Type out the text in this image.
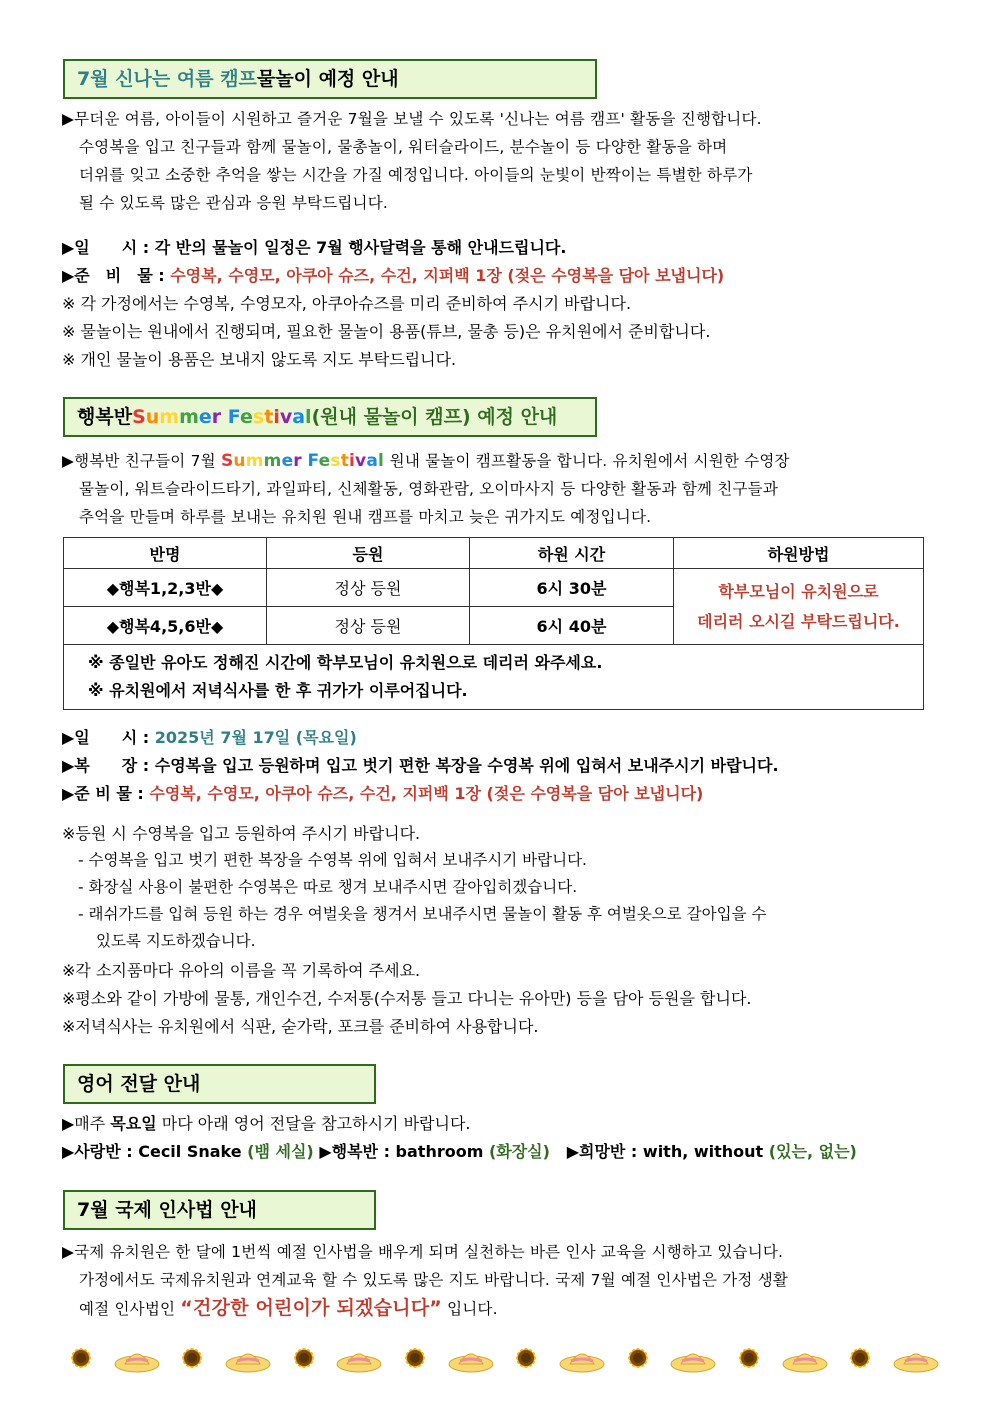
7월 신나는 여름 캠프 물놀이 예정 안내
▶무더운 여름, 아이들이 시원하고 즐거운 7월을 보낼 수 있도록 '신나는 여름 캠프' 활동을 진행합니다.

수영복을 입고 친구들과 함께 물놀이, 물총놀이, 워터슬라이드, 분수놀이 등 다양한 활동을 하며
더위를 잊고 소중한 추억을 쌓는 시간을 가질 예정입니다. 아이들의 눈빛이 반짝이는 특별한 하루가
될 수 있도록 많은 관심과 응원 부탁드립니다.
▶일　　시 : 각 반의 물놀이 일정은 7월 행사달력을 통해 안내드립니다.
▶준　비　물 : 수영복, 수영모, 아쿠아 슈즈, 수건, 지퍼백 1장 (젖은 수영복을 담아 보냅니다)
※ 각 가정에서는 수영복, 수영모자, 아쿠아슈즈를 미리 준비하여 주시기 바랍니다.
※ 물놀이는 원내에서 진행되며, 필요한 물놀이 용품(튜브, 물총 등)은 유치원에서 준비합니다.
※ 개인 물놀이 용품은 보내지 않도록 지도 부탁드립니다.
행복반 Summer Festival (원내 물놀이 캠프) 예정 안내
▶행복반 친구들이 7월 Summer Festival 원내 물놀이 캠프활동을 합니다. 유치원에서 시원한 수영장

물놀이, 워트슬라이드타기, 과일파티, 신체활동, 영화관람, 오이마사지 등 다양한 활동과 함께 친구들과
추억을 만들며 하루를 보내는 유치원 원내 캠프를 마치고 늦은 귀가지도 예정입니다.
반명	등원	하원 시간	하원방법
◆행복1,2,3반◆	정상 등원	6시 30분	학부모님이 유치원으로
데리러 오시길 부탁드립니다.
◆행복4,5,6반◆	정상 등원	6시 40분	
※ 종일반 유아도 정해진 시간에 학부모님이 유치원으로 데리러 와주세요.
※ 유치원에서 저녁식사를 한 후 귀가가 이루어집니다.			
▶일　　시 : 2025년 7월 17일 (목요일)
▶복　　장 : 수영복을 입고 등원하며 입고 벗기 편한 복장을 수영복 위에 입혀서 보내주시기 바랍니다.
▶준 비 물 : 수영복, 수영모, 아쿠아 슈즈, 수건, 지퍼백 1장 (젖은 수영복을 담아 보냅니다)
※등원 시 수영복을 입고 등원하여 주시기 바랍니다.
- 수영복을 입고 벗기 편한 복장을 수영복 위에 입혀서 보내주시기 바랍니다.
- 화장실 사용이 불편한 수영복은 따로 챙겨 보내주시면 갈아입히겠습니다.
- 래쉬가드를 입혀 등원 하는 경우 여벌옷을 챙겨서 보내주시면 물놀이 활동 후 여벌옷으로 갈아입을 수
있도록 지도하겠습니다.
※각 소지품마다 유아의 이름을 꼭 기록하여 주세요.
※평소와 같이 가방에 물통, 개인수건, 수저통(수저통 들고 다니는 유아만) 등을 담아 등원을 합니다.
※저녁식사는 유치원에서 식판, 숟가락, 포크를 준비하여 사용합니다.
영어 전달 안내
▶매주 목요일 마다 아래 영어 전달을 참고하시기 바랍니다.
▶사랑반 : Cecil Snake (뱀 세실) ▶행복반 : bathroom (화장실) ▶희망반 : with, without (있는, 없는)
7월 국제 인사법 안내
▶국제 유치원은 한 달에 1번씩 예절 인사법을 배우게 되며 실천하는 바른 인사 교육을 시행하고 있습니다.

가정에서도 국제유치원과 연계교육 할 수 있도록 많은 지도 바랍니다. 국제 7월 예절 인사법은 가정 생활
예절 인사법인 “건강한 어린이가 되겠습니다” 입니다.
